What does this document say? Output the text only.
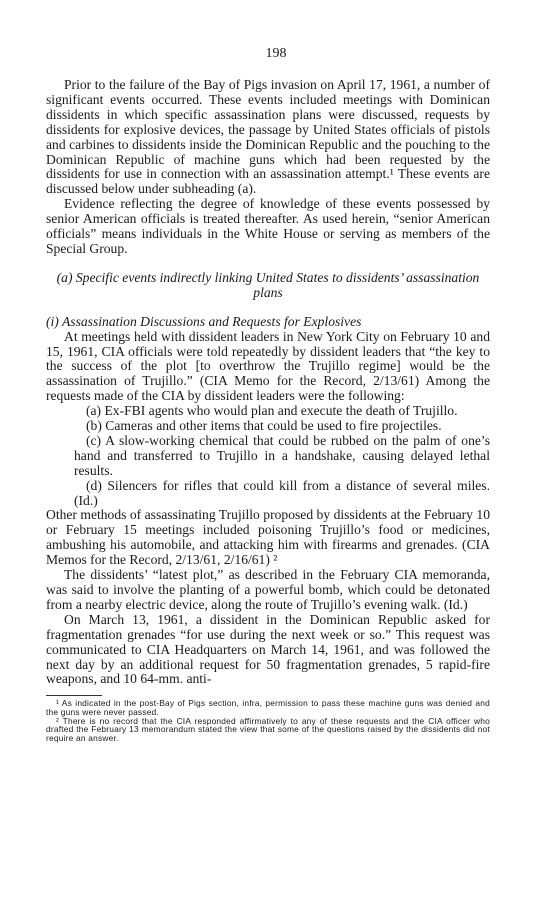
198

Prior to the failure of the Bay of Pigs invasion on April 17, 1961, a number of significant events occurred. These events included meetings with Dominican dissidents in which specific assassination plans were discussed, requests by dissidents for explosive devices, the passage by United States officials of pistols and carbines to dissidents inside the Dominican Republic and the pouching to the Dominican Republic of machine guns which had been requested by the dissidents for use in connection with an assassination attempt.¹ These events are discussed below under subheading (a).

Evidence reflecting the degree of knowledge of these events possessed by senior American officials is treated thereafter. As used herein, “senior American officials” means individuals in the White House or serving as members of the Special Group.

(a) Specific events indirectly linking United States to dissidents’ assassination plans

(i) Assassination Discussions and Requests for Explosives

At meetings held with dissident leaders in New York City on February 10 and 15, 1961, CIA officials were told repeatedly by dissident leaders that “the key to the success of the plot [to overthrow the Trujillo regime] would be the assassination of Trujillo.” (CIA Memo for the Record, 2/13/61) Among the requests made of the CIA by dissident leaders were the following:

(a) Ex-FBI agents who would plan and execute the death of Trujillo.

(b) Cameras and other items that could be used to fire projectiles.

(c) A slow-working chemical that could be rubbed on the palm of one’s hand and transferred to Trujillo in a handshake, causing delayed lethal results.

(d) Silencers for rifles that could kill from a distance of several miles. (Id.)

Other methods of assassinating Trujillo proposed by dissidents at the February 10 or February 15 meetings included poisoning Trujillo’s food or medicines, ambushing his automobile, and attacking him with firearms and grenades. (CIA Memos for the Record, 2/13/61, 2/16/61) ²

The dissidents’ “latest plot,” as described in the February CIA memoranda, was said to involve the planting of a powerful bomb, which could be detonated from a nearby electric device, along the route of Trujillo’s evening walk. (Id.)

On March 13, 1961, a dissident in the Dominican Republic asked for fragmentation grenades “for use during the next week or so.” This request was communicated to CIA Headquarters on March 14, 1961, and was followed the next day by an additional request for 50 fragmentation grenades, 5 rapid-fire weapons, and 10 64-mm. anti-

¹ As indicated in the post-Bay of Pigs section, infra, permission to pass these machine guns was denied and the guns were never passed.

² There is no record that the CIA responded affirmatively to any of these requests and the CIA officer who drafted the February 13 memorandum stated the view that some of the questions raised by the dissidents did not require an answer.
